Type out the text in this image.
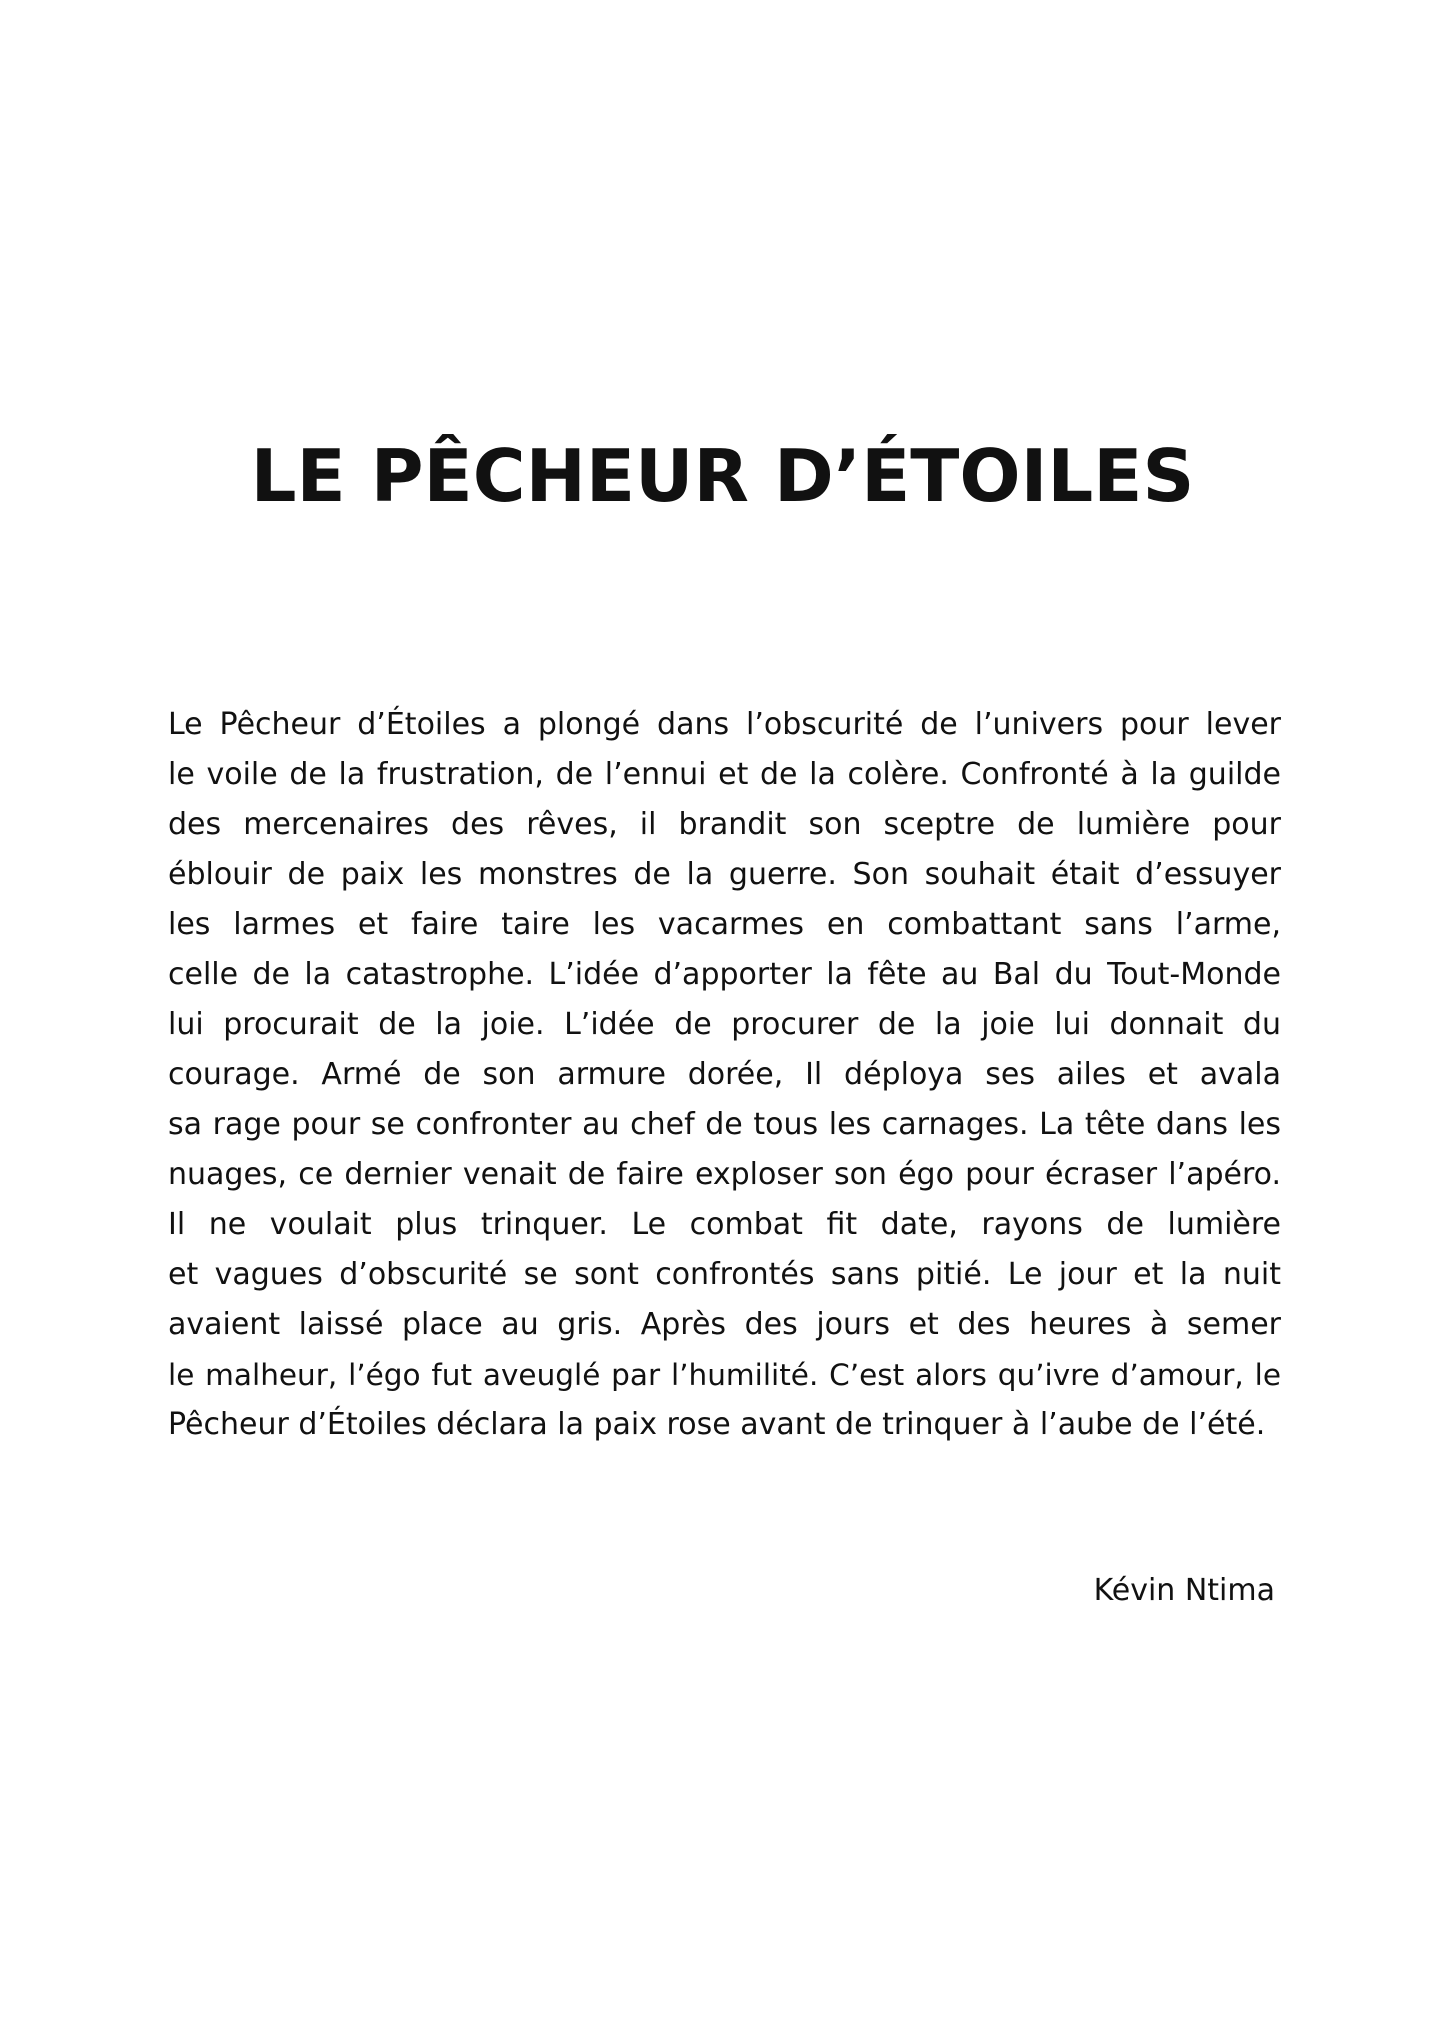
LE PÊCHEUR D’ÉTOILES
Le Pêcheur d’Étoiles a plongé dans l’obscurité de l’univers pour lever
le voile de la frustration, de l’ennui et de la colère. Confronté à la guilde
des mercenaires des rêves, il brandit son sceptre de lumière pour
éblouir de paix les monstres de la guerre. Son souhait était d’essuyer
les larmes et faire taire les vacarmes en combattant sans l’arme,
celle de la catastrophe. L’idée d’apporter la fête au Bal du Tout-Monde
lui procurait de la joie. L’idée de procurer de la joie lui donnait du
courage. Armé de son armure dorée, Il déploya ses ailes et avala
sa rage pour se confronter au chef de tous les carnages. La tête dans les
nuages, ce dernier venait de faire exploser son égo pour écraser l’apéro.
Il ne voulait plus trinquer. Le combat fit date, rayons de lumière
et vagues d’obscurité se sont confrontés sans pitié. Le jour et la nuit
avaient laissé place au gris. Après des jours et des heures à semer
le malheur, l’égo fut aveuglé par l’humilité. C’est alors qu’ivre d’amour, le
Pêcheur d’Étoiles déclara la paix rose avant de trinquer à l’aube de l’été.

Kévin Ntima
